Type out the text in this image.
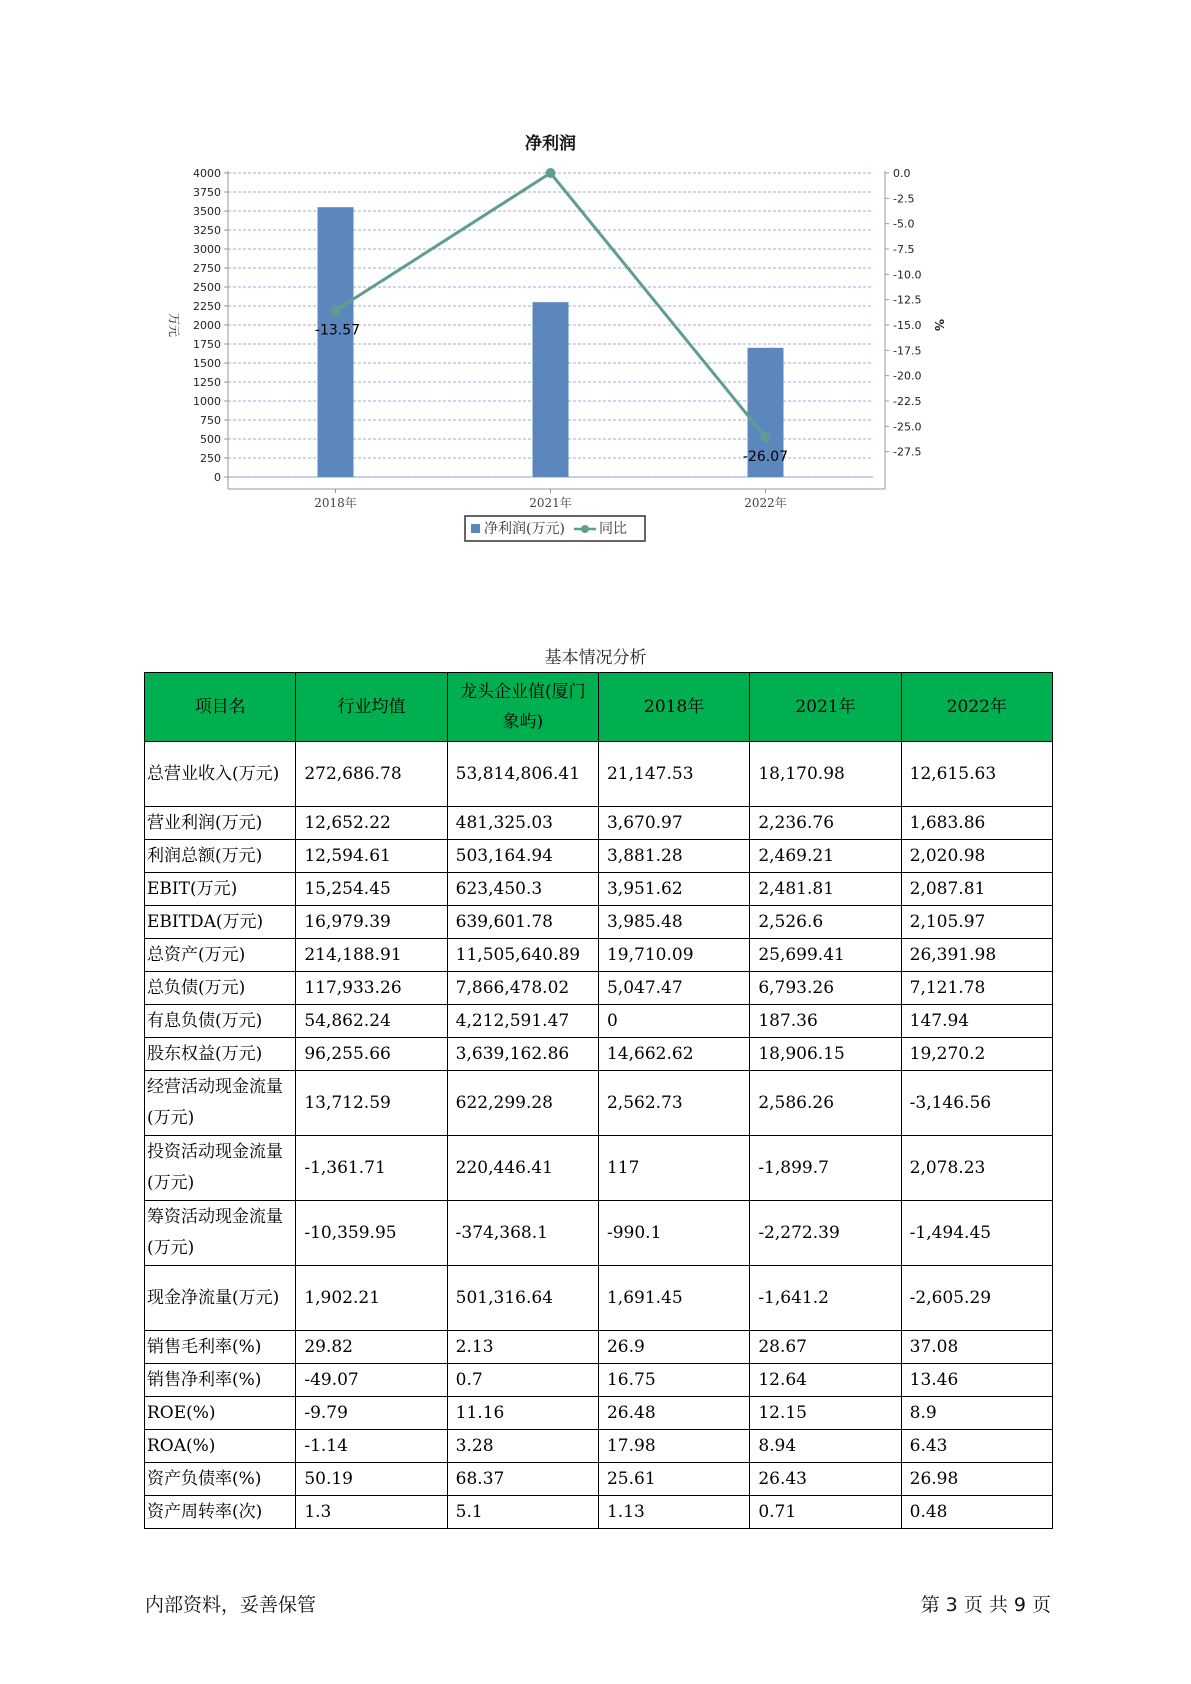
净利润
0
250
500
750
1000
1250
1500
1750
2000
2250
2500
2750
3000
3250
3500
3750
4000	0.0
-2.5
-5.0
-7.5
-10.0
-12.5
-15.0
-17.5
-20.0
-22.5
-25.0
-27.5
万元	%
2018年	2021年	2022年
-13.57
-26.07
净利润(万元) 同比
基本情况分析
项目名	行业均值	龙头企业值(厦门象屿)	2018年	2021年	2022年
总营业收入(万元)	272,686.78	53,814,806.41	21,147.53	18,170.98	12,615.63
营业利润(万元)	12,652.22	481,325.03	3,670.97	2,236.76	1,683.86
利润总额(万元)	12,594.61	503,164.94	3,881.28	2,469.21	2,020.98
EBIT(万元)	15,254.45	623,450.3	3,951.62	2,481.81	2,087.81
EBITDA(万元)	16,979.39	639,601.78	3,985.48	2,526.6	2,105.97
总资产(万元)	214,188.91	11,505,640.89	19,710.09	25,699.41	26,391.98
总负债(万元)	117,933.26	7,866,478.02	5,047.47	6,793.26	7,121.78
有息负债(万元)	54,862.24	4,212,591.47	0	187.36	147.94
股东权益(万元)	96,255.66	3,639,162.86	14,662.62	18,906.15	19,270.2
经营活动现金流量(万元)	13,712.59	622,299.28	2,562.73	2,586.26	-3,146.56
投资活动现金流量(万元)	-1,361.71	220,446.41	117	-1,899.7	2,078.23
筹资活动现金流量(万元)	-10,359.95	-374,368.1	-990.1	-2,272.39	-1,494.45
现金净流量(万元)	1,902.21	501,316.64	1,691.45	-1,641.2	-2,605.29
销售毛利率(%)	29.82	2.13	26.9	28.67	37.08
销售净利率(%)	-49.07	0.7	16.75	12.64	13.46
ROE(%)	-9.79	11.16	26.48	12.15	8.9
ROA(%)	-1.14	3.28	17.98	8.94	6.43
资产负债率(%)	50.19	68.37	25.61	26.43	26.98
资产周转率(次)	1.3	5.1	1.13	0.71	0.48
内部资料，妥善保管	第 3 页 共 9 页
